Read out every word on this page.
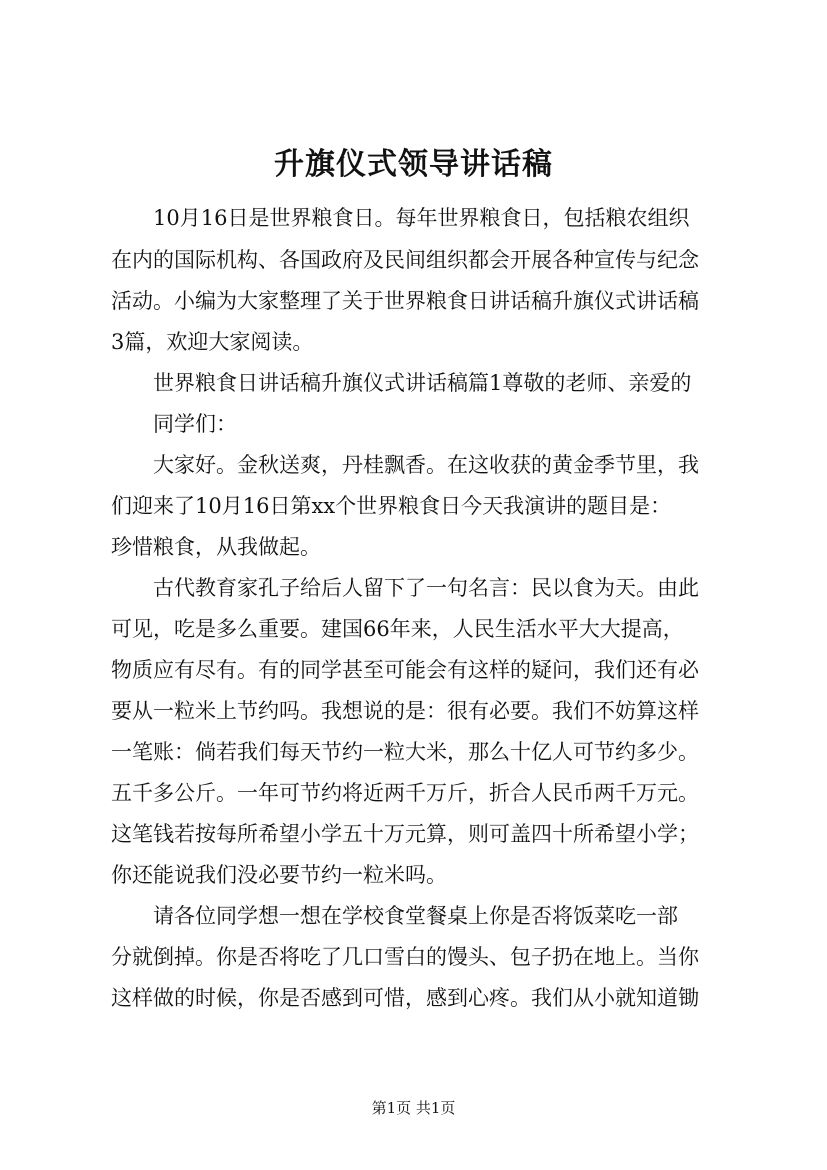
升旗仪式领导讲话稿
10月16日是世界粮食日。每年世界粮食日，包括粮农组织
在内的国际机构、各国政府及民间组织都会开展各种宣传与纪念
活动。小编为大家整理了关于世界粮食日讲话稿升旗仪式讲话稿
3篇，欢迎大家阅读。
世界粮食日讲话稿升旗仪式讲话稿篇1尊敬的老师、亲爱的
同学们：
大家好。金秋送爽，丹桂飘香。在这收获的黄金季节里，我
们迎来了10月16日第xx个世界粮食日今天我演讲的题目是：
珍惜粮食，从我做起。
古代教育家孔子给后人留下了一句名言：民以食为天。由此
可见，吃是多么重要。建国66年来，人民生活水平大大提高，
物质应有尽有。有的同学甚至可能会有这样的疑问，我们还有必
要从一粒米上节约吗。我想说的是：很有必要。我们不妨算这样
一笔账：倘若我们每天节约一粒大米，那么十亿人可节约多少。
五千多公斤。一年可节约将近两千万斤，折合人民币两千万元。
这笔钱若按每所希望小学五十万元算，则可盖四十所希望小学；
你还能说我们没必要节约一粒米吗。
请各位同学想一想在学校食堂餐桌上你是否将饭菜吃一部
分就倒掉。你是否将吃了几口雪白的馒头、包子扔在地上。当你
这样做的时候，你是否感到可惜，感到心疼。我们从小就知道锄
第1页 共1页
